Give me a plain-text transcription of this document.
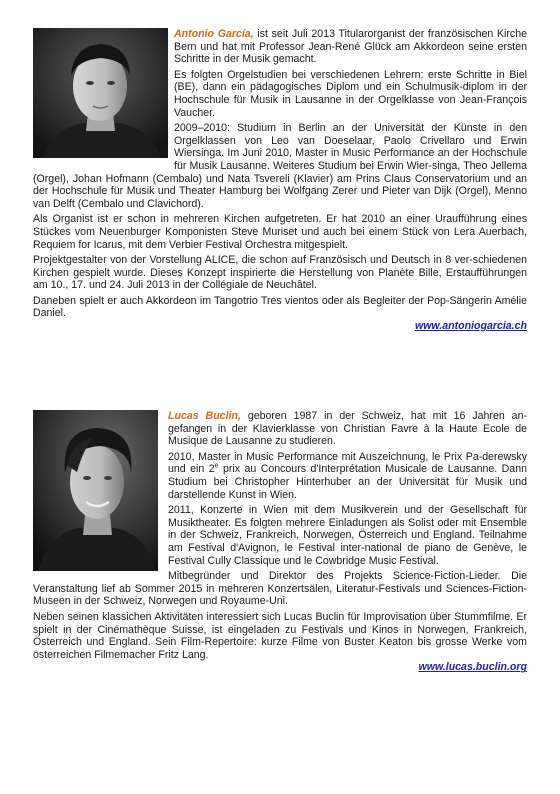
Antonio García, ist seit Juli 2013 Titularorganist der französischen Kirche Bern und hat mit Professor Jean-René Glück am Akkordeon seine ersten Schritte in der Musik gemacht.

Es folgten Orgelstudien bei verschiedenen Lehrern: erste Schritte in Biel (BE), dann ein pädagogisches Diplom und ein Schulmusik-diplom in der Hochschule für Musik in Lausanne in der Orgelklasse von Jean-François Vaucher.

2009–2010: Studium in Berlin an der Universität der Künste in den Orgelklassen von Leo van Doeselaar, Paolo Crivellaro und Erwin Wiersinga. Im Juni 2010, Master in Music Performance an der Hochschule für Musik Lausanne. Weiteres Studium bei Erwin Wier-singa, Theo Jellema (Orgel), Johan Hofmann (Cembalo) und Nata Tsvereli (Klavier) am Prins Claus Conservatorium und an der Hochschule für Musik und Theater Hamburg bei Wolfgang Zerer und Pieter van Dijk (Orgel), Menno van Delft (Cembalo und Clavichord).

Als Organist ist er schon in mehreren Kirchen aufgetreten. Er hat 2010 an einer Uraufführung eines Stückes vom Neuenburger Komponisten Steve Muriset und auch bei einem Stück von Lera Auerbach, Requiem for Icarus, mit dem Verbier Festival Orchestra mitgespielt.

Projektgestalter von der Vorstellung ALICE, die schon auf Französisch und Deutsch in 8 ver-schiedenen Kirchen gespielt wurde. Dieses Konzept inspirierte die Herstellung von Planète Bille, Erstaufführungen am 10., 17. und 24. Juli 2013 in der Collégiale de Neuchâtel.

Daneben spielt er auch Akkordeon im Tangotrio Tres vientos oder als Begleiter der Pop-Sängerin Amélie Daniel.

www.antoniogarcia.ch

Lucas Buclin, geboren 1987 in der Schweiz, hat mit 16 Jahren an-gefangen in der Klavierklasse von Christian Favre à la Haute Ecole de Musique de Lausanne zu studieren.

2010, Master in Music Performance mit Auszeichnung, le Prix Pa-derewsky und ein 2e prix au Concours d'Interprétation Musicale de Lausanne. Dann Studium bei Christopher Hinterhuber an der Universität für Musik und darstellende Kunst in Wien.

2011, Konzerte in Wien mit dem Musikverein und der Gesellschaft für Musiktheater. Es folgten mehrere Einladungen als Solist oder mit Ensemble in der Schweiz, Frankreich, Norwegen, Österreich und England. Teilnahme am Festival d'Avignon, le Festival inter-national de piano de Genève, le Festival Cully Classique und le Cowbridge Music Festival.

Mitbegründer und Direktor des Projekts Science-Fiction-Lieder. Die Veranstaltung lief ab Sommer 2015 in mehreren Konzertsälen, Literatur-Festivals und Sciences-Fiction-Museen in der Schweiz, Norwegen und Royaume-Uni.

Neben seinen klassichen Aktivitäten interessiert sich Lucas Buclin für Improvisation über Stummfilme. Er spielt in der Cinémathèque Suisse, ist eingeladen zu Festivals und Kinos in Norwegen, Frankreich, Österreich und England. Sein Film-Repertoire: kurze Filme von Buster Keaton bis grosse Werke vom österreichen Filmemacher Fritz Lang.

www.lucas.buclin.org
